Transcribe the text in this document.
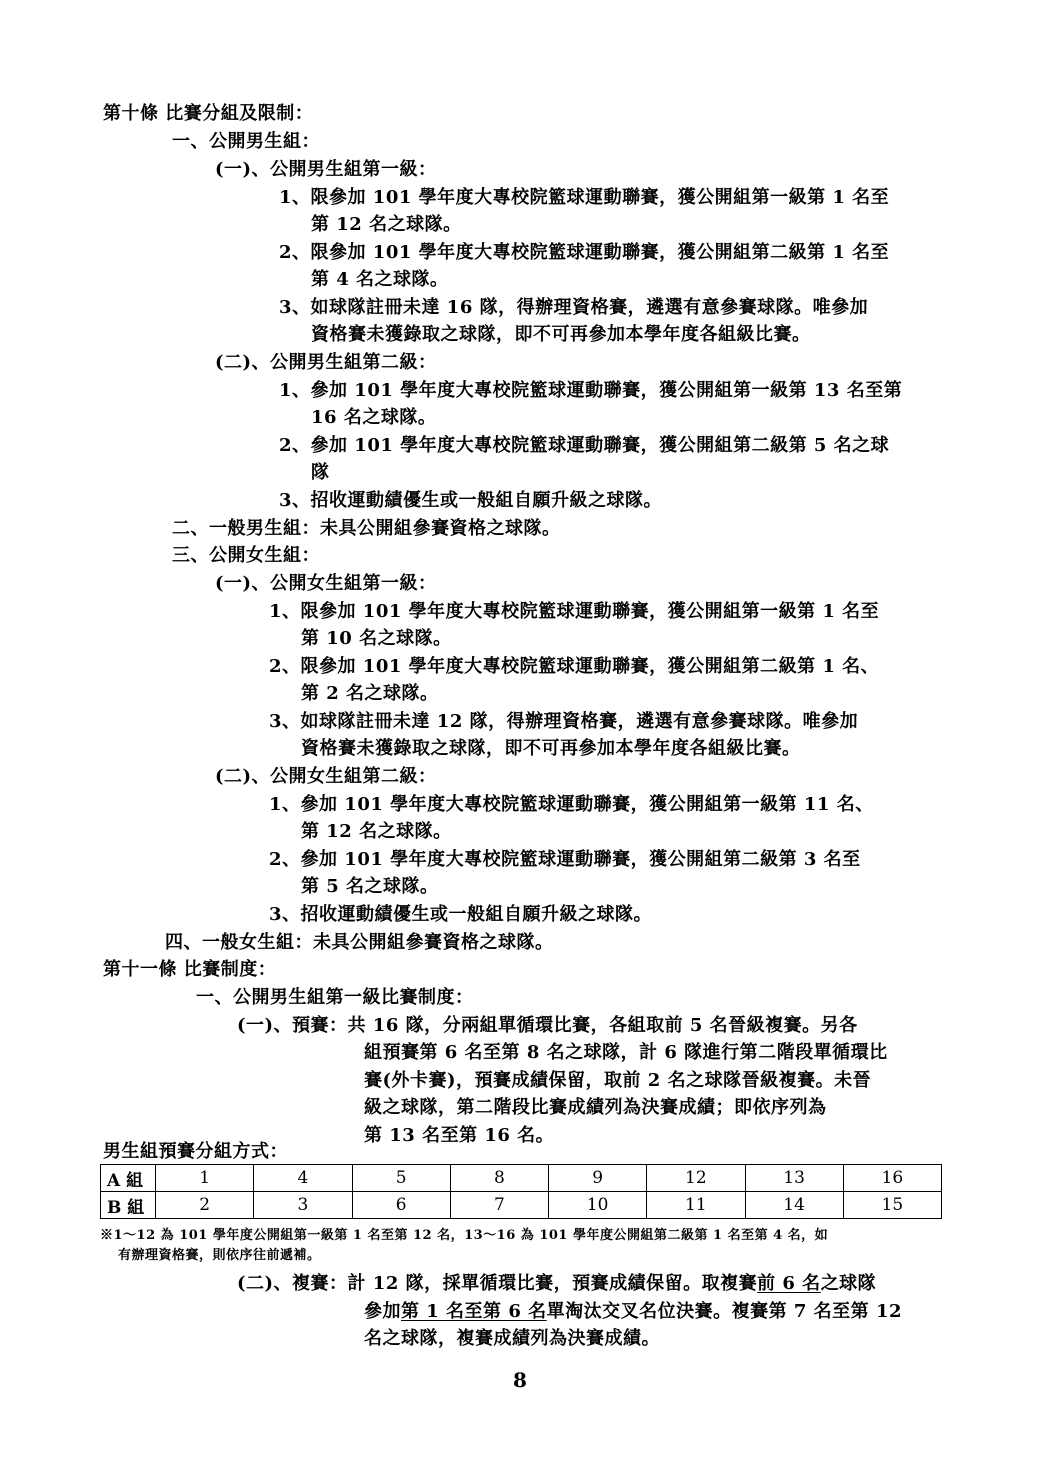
第十條 比賽分組及限制：
一、公開男生組：
(一)、公開男生組第一級：
1、限參加 101 學年度大專校院籃球運動聯賽，獲公開組第一級第 1 名至
第 12 名之球隊。
2、限參加 101 學年度大專校院籃球運動聯賽，獲公開組第二級第 1 名至
第 4 名之球隊。
3、如球隊註冊未達 16 隊，得辦理資格賽，遴選有意參賽球隊。唯參加
資格賽未獲錄取之球隊，即不可再參加本學年度各組級比賽。
(二)、公開男生組第二級：
1、參加 101 學年度大專校院籃球運動聯賽，獲公開組第一級第 13 名至第
16 名之球隊。
2、參加 101 學年度大專校院籃球運動聯賽，獲公開組第二級第 5 名之球
隊
3、招收運動績優生或一般組自願升級之球隊。
二、一般男生組：未具公開組參賽資格之球隊。
三、公開女生組：
(一)、公開女生組第一級：
1、限參加 101 學年度大專校院籃球運動聯賽，獲公開組第一級第 1 名至
第 10 名之球隊。
2、限參加 101 學年度大專校院籃球運動聯賽，獲公開組第二級第 1 名、
第 2 名之球隊。
3、如球隊註冊未達 12 隊，得辦理資格賽，遴選有意參賽球隊。唯參加
資格賽未獲錄取之球隊，即不可再參加本學年度各組級比賽。
(二)、公開女生組第二級：
1、參加 101 學年度大專校院籃球運動聯賽，獲公開組第一級第 11 名、
第 12 名之球隊。
2、參加 101 學年度大專校院籃球運動聯賽，獲公開組第二級第 3 名至
第 5 名之球隊。
3、招收運動績優生或一般組自願升級之球隊。
四、一般女生組：未具公開組參賽資格之球隊。
第十一條 比賽制度：
一、公開男生組第一級比賽制度：
(一)、預賽：共 16 隊，分兩組單循環比賽，各組取前 5 名晉級複賽。另各
組預賽第 6 名至第 8 名之球隊，計 6 隊進行第二階段單循環比
賽(外卡賽)，預賽成績保留，取前 2 名之球隊晉級複賽。未晉
級之球隊，第二階段比賽成績列為決賽成績；即依序列為
第 13 名至第 16 名。
男生組預賽分組方式：
A 組	1	4	5	8	9	12	13	16
B 組	2	3	6	7	10	11	14	15
※1～12 為 101 學年度公開組第一級第 1 名至第 12 名，13～16 為 101 學年度公開組第二級第 1 名至第 4 名，如
有辦理資格賽，則依序往前遞補。
(二)、複賽：計 12 隊，採單循環比賽，預賽成績保留。取複賽前 6 名之球隊
參加第 1 名至第 6 名單淘汰交叉名位決賽。複賽第 7 名至第 12
名之球隊，複賽成績列為決賽成績。
8
